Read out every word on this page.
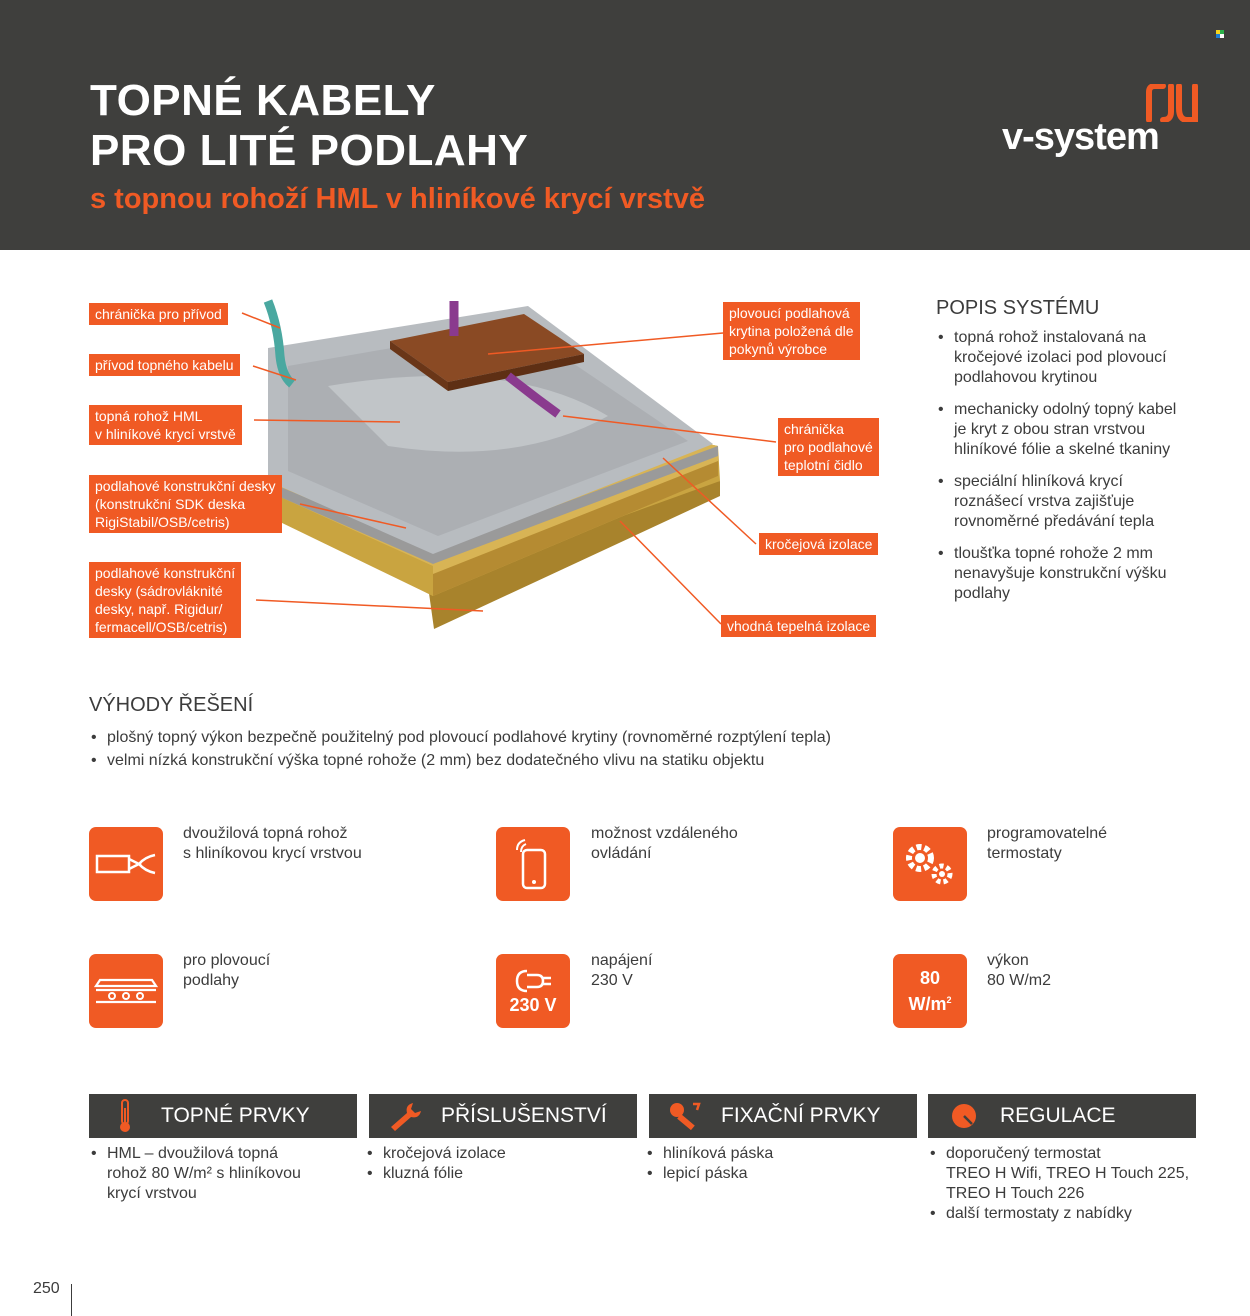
TOPNÉ KABELY
PRO LITÉ PODLAHY
s topnou rohoží HML v hliníkové krycí vrstvě
v-system
chránička pro přívod
přívod topného kabelu
topná rohož HML
v hliníkové krycí vrstvě
podlahové konstrukční desky
(konstrukční SDK deska
RigiStabil/OSB/cetris)
podlahové konstrukční
desky (sádrovláknité
desky, např. Rigidur/
fermacell/OSB/cetris)
plovoucí podlahová
krytina položená dle
pokynů výrobce
chránička
pro podlahové
teplotní čidlo
kročejová izolace
vhodná tepelná izolace
POPIS SYSTÉMU
• topná rohož instalovaná na kročejové izolaci pod plovoucí podlahovou krytinou
• mechanicky odolný topný kabel je kryt z obou stran vrstvou hliníkové fólie a skelné tkaniny
• speciální hliníková krycí roznášecí vrstva zajišťuje rovnoměrné předávání tepla
• tloušťka topné rohože 2 mm nenavyšuje konstrukční výšku podlahy
VÝHODY ŘEŠENÍ
• plošný topný výkon bezpečně použitelný pod plovoucí podlahové krytiny (rovnoměrné rozptýlení tepla)
• velmi nízká konstrukční výška topné rohože (2 mm) bez dodatečného vlivu na statiku objektu
dvoužilová topná rohož
s hliníkovou krycí vrstvou
možnost vzdáleného
ovládání
programovatelné
termostaty
pro plovoucí
podlahy
230 V
napájení
230 V	80
$W/m^2$
výkon
80 W/m2
TOPNÉ PRVKY
• HML – dvoužilová topná
rohož 80 W/m² s hliníkovou
krycí vrstvou
PŘÍSLUŠENSTVÍ
• kročejová izolace
• kluzná fólie
FIXAČNÍ PRVKY
• hliníková páska
• lepicí páska
REGULACE
• doporučený termostat
TREO H Wifi, TREO H Touch 225,
TREO H Touch 226
• další termostaty z nabídky
250
